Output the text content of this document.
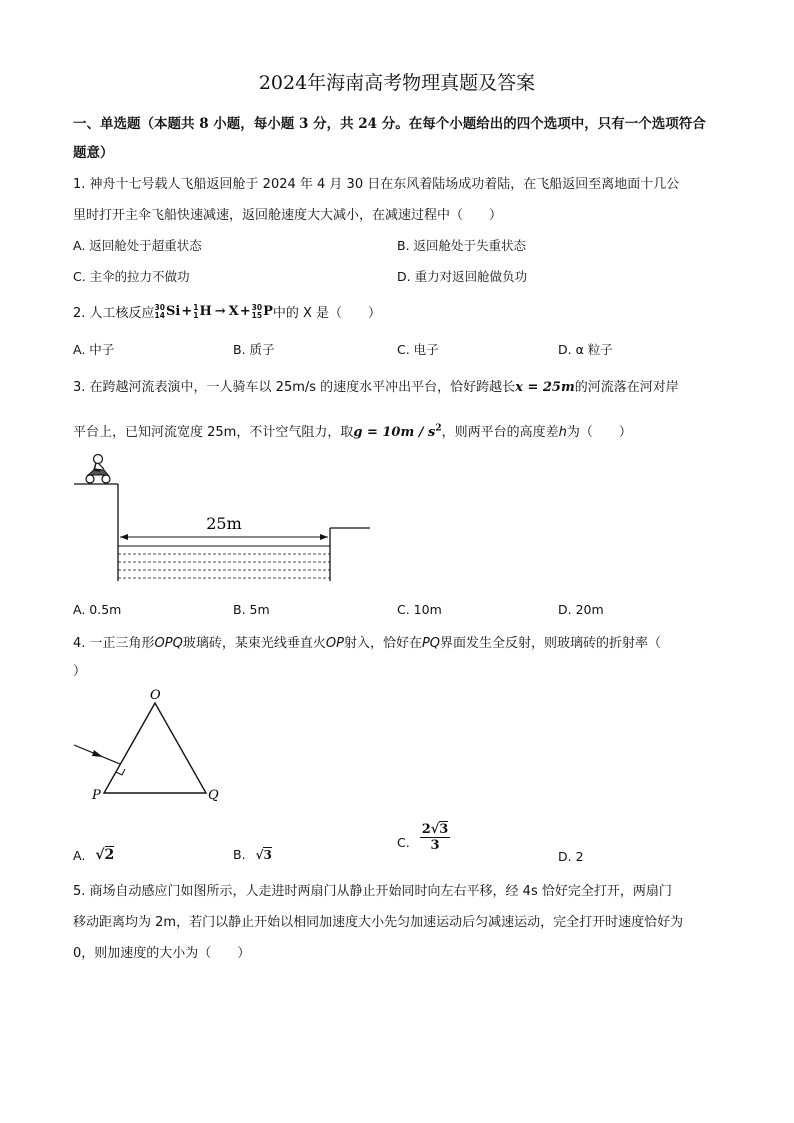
2024年海南高考物理真题及答案
一、单选题（本题共 8 小题，每小题 3 分，共 24 分。在每个小题给出的四个选项中，只有一个选项符合
题意）
1. 神舟十七号载人飞船返回舱于 2024 年 4 月 30 日在东风着陆场成功着陆，在飞船返回至离地面十几公
里时打开主伞飞船快速减速，返回舱速度大大减小，在减速过程中（　　）
A. 返回舱处于超重状态	B. 返回舱处于失重状态
C. 主伞的拉力不做功	D. 重力对返回舱做负功
2. 人工核反应 30
14 Si + 1
1 H → X + 30
15 P 中的 X 是（　　）
A. 中子	B. 质子	C. 电子	D. α 粒子
3. 在跨越河流表演中，一人骑车以 25m/s 的速度水平冲出平台，恰好跨越长x = 25m的河流落在河对岸
平台上，已知河流宽度 25m，不计空气阻力，取$g = 10m / s^2$，则两平台的高度差h为（　　）
25m
A. 0.5m	B. 5m	C. 10m	D. 20m
4. 一正三角形OPQ玻璃砖，某束光线垂直火OP射入，恰好在PQ界面发生全反射，则玻璃砖的折射率（
）
O
P	Q
A. √2	B. √3
C. $\frac{2√3}{3}$
D. 2
5. 商场自动感应门如图所示，人走进时两扇门从静止开始同时向左右平移，经 4s 恰好完全打开，两扇门
移动距离均为 2m，若门以静止开始以相同加速度大小先匀加速运动后匀减速运动，完全打开时速度恰好为
0，则加速度的大小为（　　）
